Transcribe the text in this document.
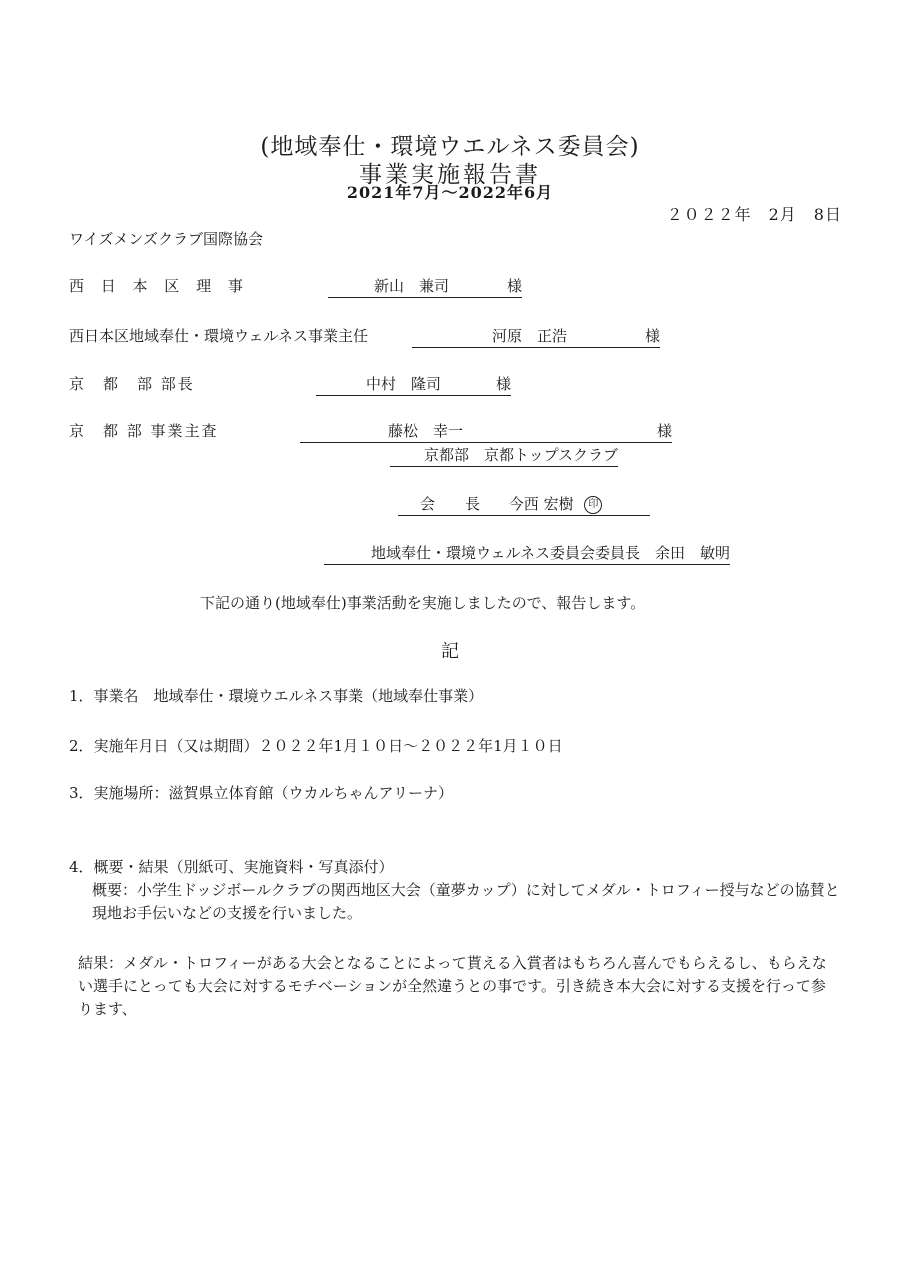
(地域奉仕・環境ウエルネス委員会)
事業実施報告書
2021年7月～2022年6月
２０２２年　2月　8日
ワイズメンズクラブ国際協会
西 日 本 区 理 事	新山　兼司	様
西日本区地域奉仕・環境ウェルネス事業主任	河原　正浩	様
京　都　部 部長	中村　隆司	様
京　都 部 事業主査	藤松　幸一	様
京都部　京都トップスクラブ
会　　長 今西 宏樹 印
地域奉仕・環境ウェルネス委員会委員長　余田　敏明
下記の通り(地域奉仕)事業活動を実施しましたので、報告します。
記
1．事業名　地域奉仕・環境ウエルネス事業（地域奉仕事業）
2．実施年月日（又は期間）２０２２年1月１０日～２０２２年1月１０日
3．実施場所：滋賀県立体育館（ウカルちゃんアリーナ）
4．概要・結果（別紙可、実施資料・写真添付）
概要：小学生ドッジボールクラブの関西地区大会（童夢カップ）に対してメダル・トロフィー授与などの協賛と現地お手伝いなどの支援を行いました。
結果：メダル・トロフィーがある大会となることによって貰える入賞者はもちろん喜んでもらえるし、もらえない選手にとっても大会に対するモチベーションが全然違うとの事です。引き続き本大会に対する支援を行って参ります、
